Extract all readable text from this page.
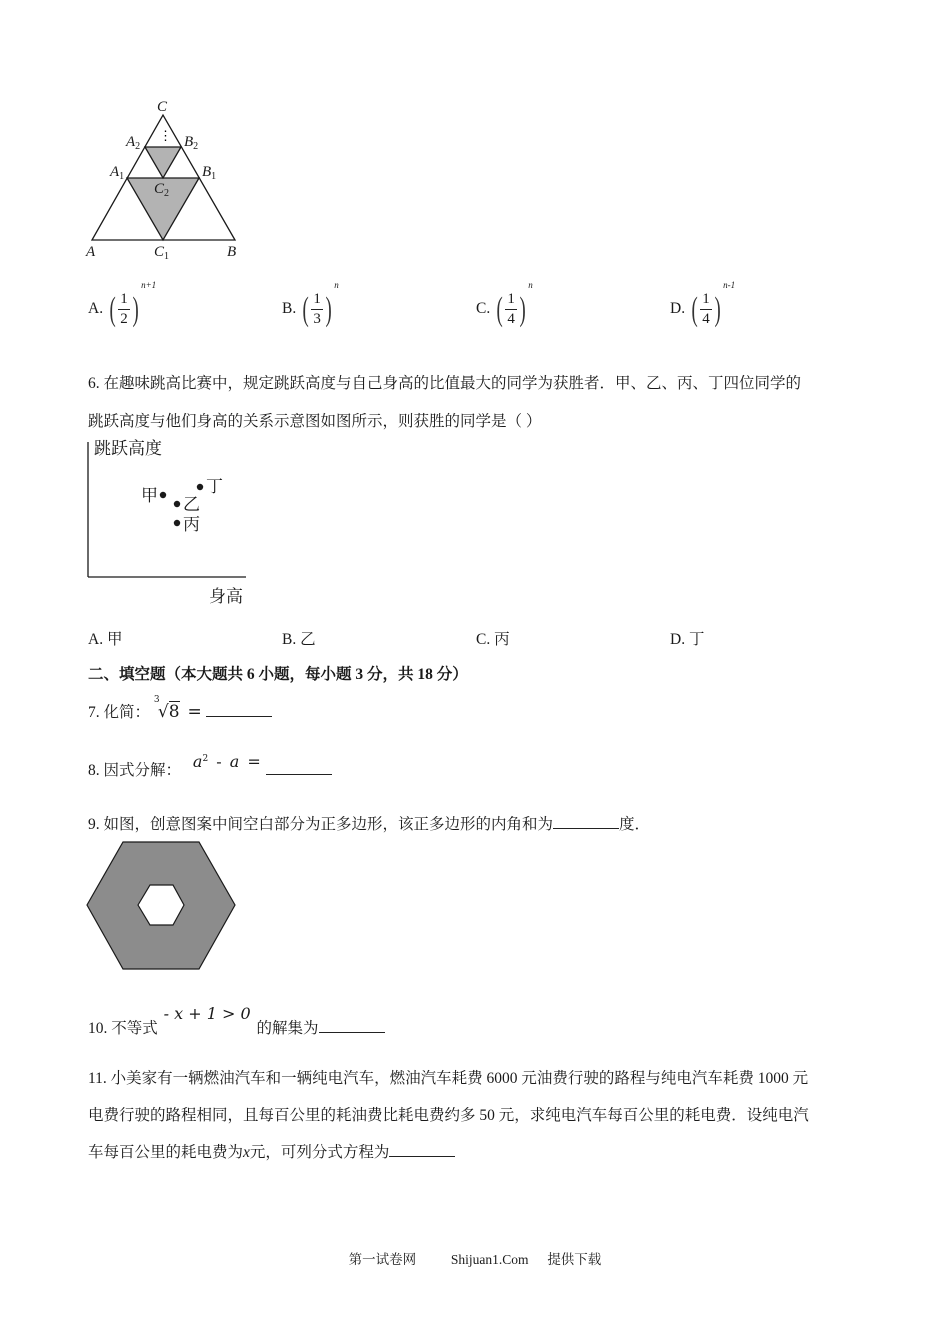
⋮
C
A	B
$A_2$	$B_2$
$A_1$	$B_1$
$C_2$
$C_1$
A. ( $\frac{1}{2} )^{n+1}$
B. ( $\frac{1}{3} )^n$
C. ( $\frac{1}{4} )^n$
D. ( $\frac{1}{4} )^{n-1}$
6. 在趣味跳高比赛中，规定跳跃高度与自己身高的比值最大的同学为获胜者．甲、乙、丙、丁四位同学的
跳跃高度与他们身高的关系示意图如图所示，则获胜的同学是（ ）
跳跃高度
身高
甲 乙
丙
丁
A. 甲	B. 乙	C. 丙	D. 丁
二、填空题（本大题共 6 小题，每小题 3 分，共 18 分）
7. 化简：
3
√8 =
8. 因式分解： $a^2$ - a =
9. 如图，创意图案中间空白部分为正多边形，该正多边形的内角和为	度．
10. 不等式 - x + 1 > 0 的解集为
11. 小美家有一辆燃油汽车和一辆纯电汽车，燃油汽车耗费 6000 元油费行驶的路程与纯电汽车耗费 1000 元
电费行驶的路程相同，且每百公里的耗油费比耗电费约多 50 元，求纯电汽车每百公里的耗电费．设纯电汽
车每百公里的耗电费为x元，可列分式方程为
第一试卷网	Shijuan1.Com 提供下载
